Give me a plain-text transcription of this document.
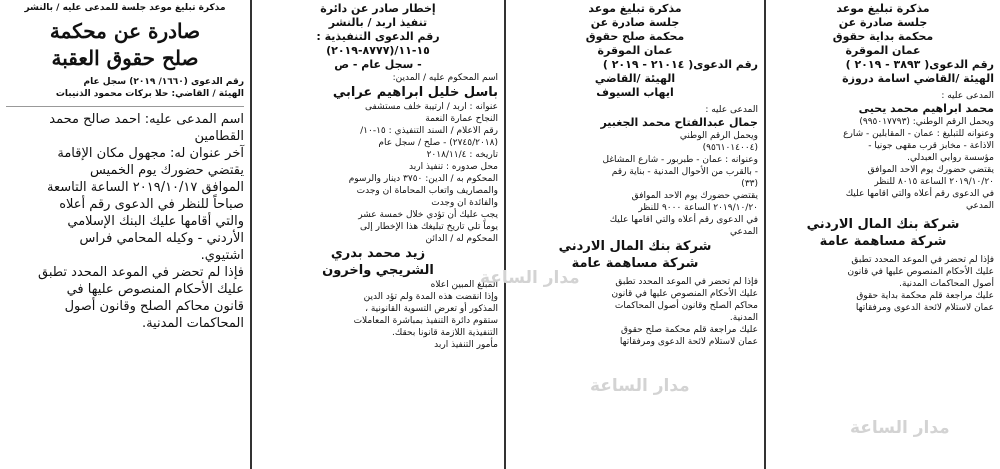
مذكرة تبليغ موعد جلسة للمدعى عليه / بالنشر

صادرة عن محكمة

صلح حقوق العقبة

رقم الدعوى (١٦٦٠/ ٢٠١٩) سجل عام

الهيئة / القاضي: حلا بركات محمود الذنيبات

اسم المدعى عليه: احمد صالح محمد

القطامين

آخر عنوان له: مجهول مكان الإقامة

يقتضي حضورك يوم الخميس

الموافق ٢٠١٩/١٠/١٧ الساعة التاسعة

صباحاً للنظر في الدعوى رقم أعلاه

والتي أقامها عليك البنك الإسلامي

الأردني - وكيله المحامي فراس

اشتيوي.

فإذا لم تحضر في الموعد المحدد تطبق

عليك الأحكام المنصوص عليها في

قانون محاكم الصلح وقانون أصول

المحاكمات المدنية.

إخطار صادر عن دائرة

تنفيذ اربد / بالنشر

رقم الدعوى التنفيذية :

١٥-١١/(٨٧٧٧-٢٠١٩)

- سجل عام - ص

اسم المحكوم عليه / المدين:

باسل خليل ابراهيم عرابي

عنوانه : اربد / ارتيبة خلف مستشفى

النجاح عمارة النعمة

رقم الاعلام / السند التنفيذي : ١٥-١٠/

(٢٧٤٥/٢٠١٨) - صلح / سجل عام

تاريخه : ٢٠١٨/١١/٤

محل صدوره : تنفيذ اربد

المحكوم به / الدين: ٣٧٥٠ دينار والرسوم

والمصاريف واتعاب المحاماة ان وجدت

والفائدة ان وجدت

يجب عليك أن تؤدي خلال خمسة عشر

يوماً تلي تاريخ تبليغك هذا الإخطار إلى

المحكوم له / الدائن

زيد محمد بدري

الشريجي واخرون

المبلغ المبين اعلاه

وإذا انقضت هذه المدة ولم تؤد الدين

المذكور أو تعرض التسوية القانونية ،

ستقوم دائرة التنفيذ بمباشرة المعاملات

التنفيذية اللازمة قانونا بحقك.

مأمور التنفيذ اربد

مذكرة تبليغ موعد

جلسة صادرة عن

محكمة صلح حقوق

عمان الموقرة

رقم الدعوى( ٢١٠١٤ - ٢٠١٩ )

الهيئة /القاضي

ايهاب السيوف

المدعى عليه :

جمال عبدالفتاح محمد الجغبير

ويحمل الرقم الوطني

(٩٥٦١٠١٤٠٠٤)

وعنوانه : عمان - طبربور - شارع المشاغل

- بالقرب من الأحوال المدنية - بناية رقم

(٣٣)

يقتضي حضورك يوم الاحد الموافق

٢٠١٩/١٠/٢٠ الساعة ٩٠٠٠ للنظر

في الدعوى رقم أعلاه والتي اقامها عليك

المدعي

شركة بنك المال الاردني

شركة مساهمة عامة

فإذا لم تحضر في الموعد المحدد تطبق

عليك الأحكام المنصوص عليها في قانون

محاكم الصلح وقانون أصول المحاكمات

المدنية.

عليك مراجعة قلم محكمة صلح حقوق

عمان لاستلام لائحة الدعوى ومرفقاتها

مذكرة تبليغ موعد

جلسة صادرة عن

محكمة بداية حقوق

عمان الموقرة

رقم الدعوى( ٣٨٩٣ - ٢٠١٩ )

الهيئة /القاضي اسامة دروزة

المدعى عليه :

محمد ابراهيم محمد يحيى

ويحمل الرقم الوطني: (٩٩٥٠١٧٧٩٣)

وعنوانه للتبليغ : عمان - المقابلين - شارع

الاذاعة - مخابز قرب مقهى جونيا -

مؤسسة روابي العبدلي.

يقتضي حضورك يوم الاحد الموافق

٢٠١٩/١٠/٢٠ الساعة ٨٠١٥ للنظر

في الدعوى رقم أعلاه والتي اقامها عليك

المدعي

شركة بنك المال الاردني

شركة مساهمة عامة

فإذا لم تحضر في الموعد المحدد تطبق

عليك الأحكام المنصوص عليها في قانون

أصول المحاكمات المدنية.

عليك مراجعة قلم محكمة بداية حقوق

عمان لاستلام لائحة الدعوى ومرفقاتها

مدار الساعة
مدار الساعة
مدار الساعة
